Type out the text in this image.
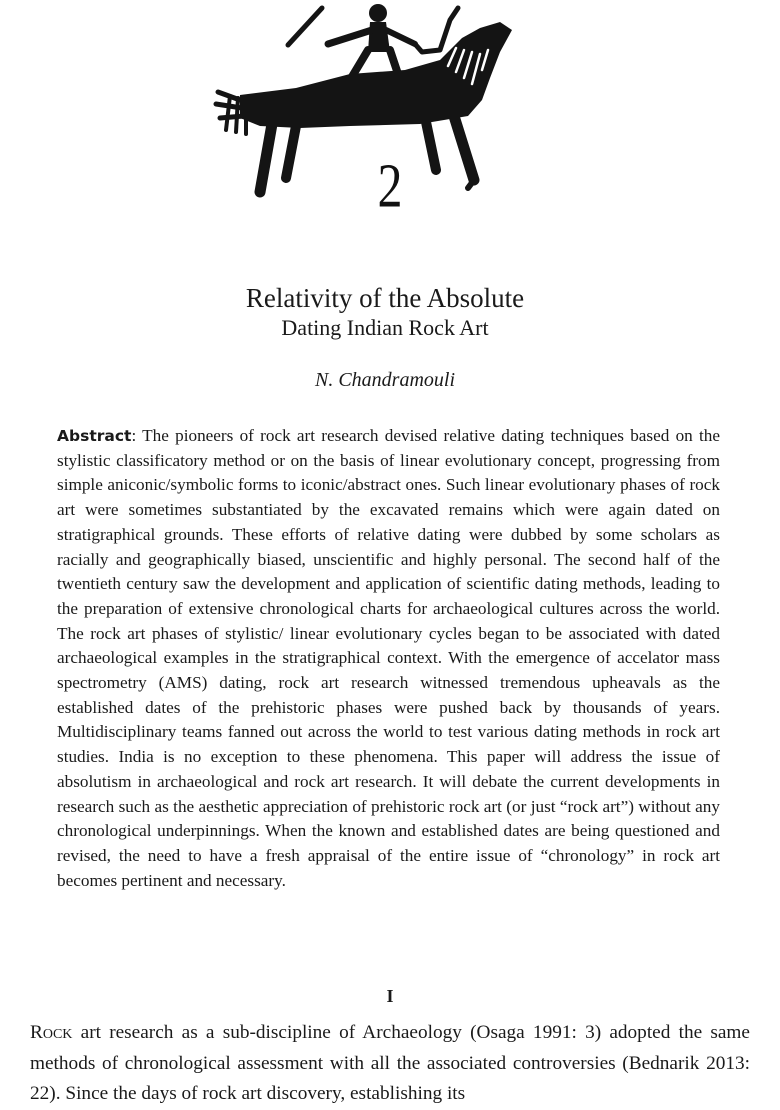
2
Relativity of the Absolute
Dating Indian Rock Art
N. Chandramouli

Abstract: The pioneers of rock art research devised relative dating techniques based on the stylistic classificatory method or on the basis of linear evolutionary concept, progressing from simple aniconic/symbolic forms to iconic/abstract ones. Such linear evolutionary phases of rock art were sometimes substantiated by the excavated remains which were again dated on stratigraphical grounds. These efforts of relative dating were dubbed by some scholars as racially and geographically biased, unscientific and highly personal. The second half of the twentieth century saw the development and application of scientific dating methods, leading to the preparation of extensive chronological charts for archaeological cultures across the world. The rock art phases of stylistic/ linear evolutionary cycles began to be associated with dated archaeological examples in the stratigraphical context. With the emergence of accelator mass spectrometry (AMS) dating, rock art research witnessed tremendous upheavals as the established dates of the prehistoric phases were pushed back by thousands of years. Multidisciplinary teams fanned out across the world to test various dating methods in rock art studies. India is no exception to these phenomena. This paper will address the issue of absolutism in archaeological and rock art research. It will debate the current developments in research such as the aesthetic appreciation of prehistoric rock art (or just “rock art”) without any chronological underpinnings. When the known and established dates are being questioned and revised, the need to have a fresh appraisal of the entire issue of “chronology” in rock art becomes pertinent and necessary.

I

Rock art research as a sub-discipline of Archaeology (Osaga 1991: 3) adopted the same methods of chronological assessment with all the associated controversies (Bednarik 2013: 22). Since the days of rock art discovery, establishing its
